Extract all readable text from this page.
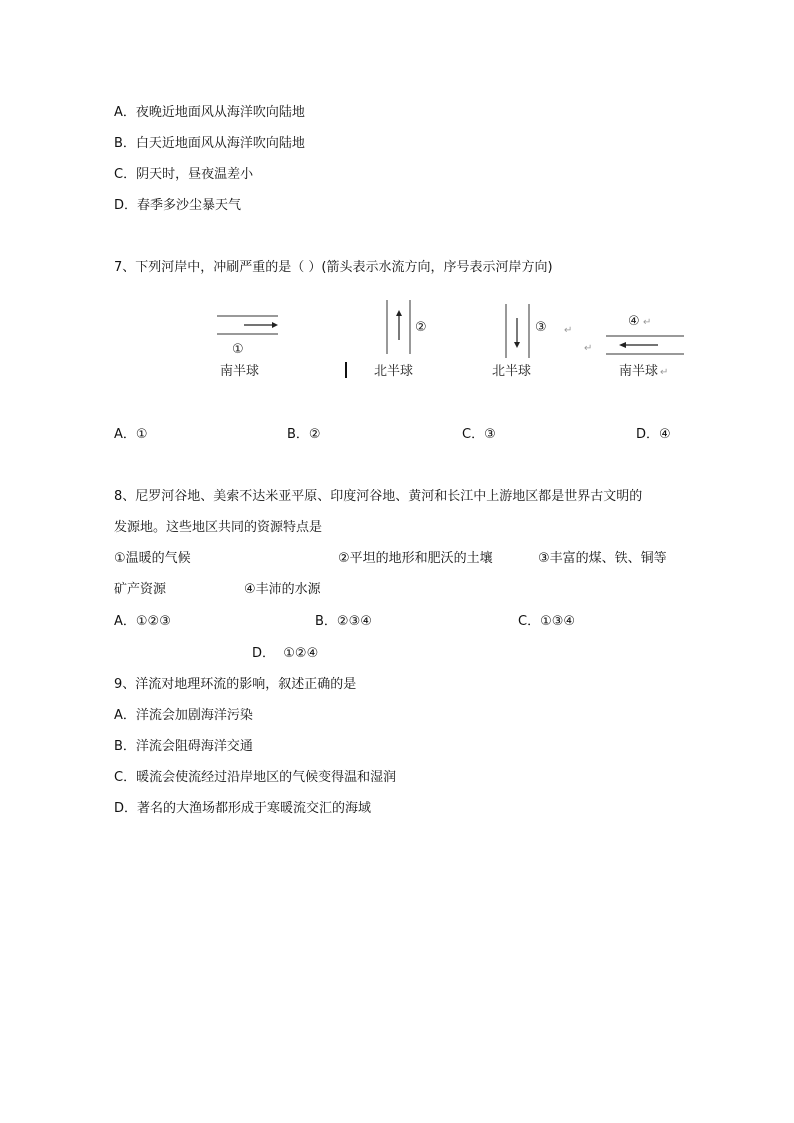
A．夜晚近地面风从海洋吹向陆地
B．白天近地面风从海洋吹向陆地
C．阴天时，昼夜温差小
D．春季多沙尘暴天气
7、下列河岸中，冲刷严重的是（ ）(箭头表示水流方向，序号表示河岸方向)
①
南半球
②
北半球
③ ↵
↵
北半球
④ ↵
南半球 ↵
A．①	B．②	C．③	D．④
8、尼罗河谷地、美索不达米亚平原、印度河谷地、黄河和长江中上游地区都是世界古文明的
发源地。这些地区共同的资源特点是
①温暖的气候	②平坦的地形和肥沃的土壤	③丰富的煤、铁、铜等
矿产资源	④丰沛的水源
A．①②③	B．②③④	C．①③④
D．  ①②④
9、洋流对地理环流的影响，叙述正确的是
A．洋流会加剧海洋污染
B．洋流会阻碍海洋交通
C．暖流会使流经过沿岸地区的气候变得温和湿润
D．著名的大渔场都形成于寒暖流交汇的海域
